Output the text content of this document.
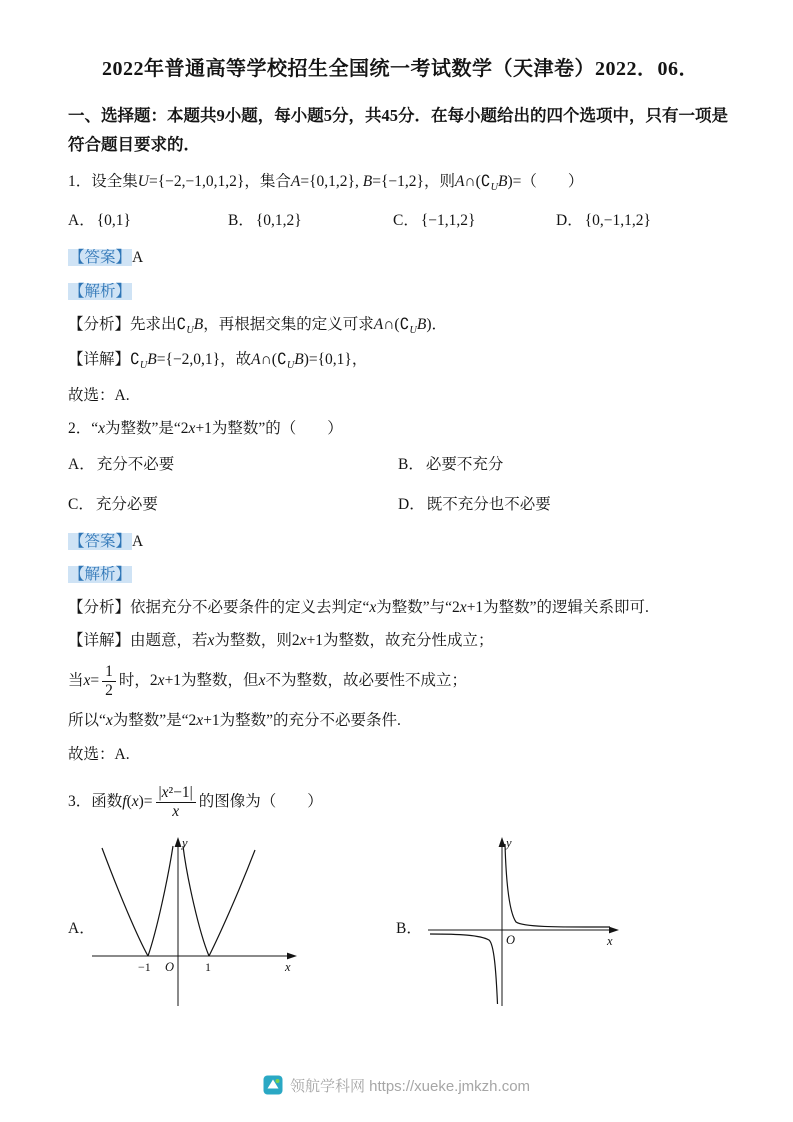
2022年普通高等学校招生全国统一考试数学（天津卷）2022．06．
一、选择题：本题共9小题，每小题5分，共45分．在每小题给出的四个选项中，只有一项是符合题目要求的．
1．设全集U={−2,−1,0,1,2}，集合A={0,1,2}, B={−1,2}，则$A\cap(∁_UB)=$（　　）
A． {0,1}	B． {0,1,2}	C． {−1,1,2}	D． {0,−1,1,2}
【答案】A
【解析】
【分析】先求出$∁_UB$，再根据交集的定义可求$A\cap(∁_UB)$．
【详解】$∁_UB=\{-2,0,1\}$，故$A\cap(∁_UB)=\{0,1\}$，
故选：A.
2．“x为整数”是“2x+1为整数”的（　　）
A． 充分不必要	B． 必要不充分
C． 充分必要	D． 既不充分也不必要
【答案】A
【解析】
【分析】依据充分不必要条件的定义去判定“x为整数”与“2x+1为整数”的逻辑关系即可.
【详解】由题意，若x为整数，则2x+1为整数，故充分性成立；
当$x= \frac{1}{2}$ 时，2x+1为整数，但x不为整数，故必要性不成立；
所以“x为整数”是“2x+1为整数”的充分不必要条件.
故选：A.
3．函数$f(x)= \frac{\text{|x²−1|}}{x}$ 的图像为（　　）
A．
y
x
O
−1	1
B．
y
x
O
领航学科网 https://xueke.jmkzh.com
